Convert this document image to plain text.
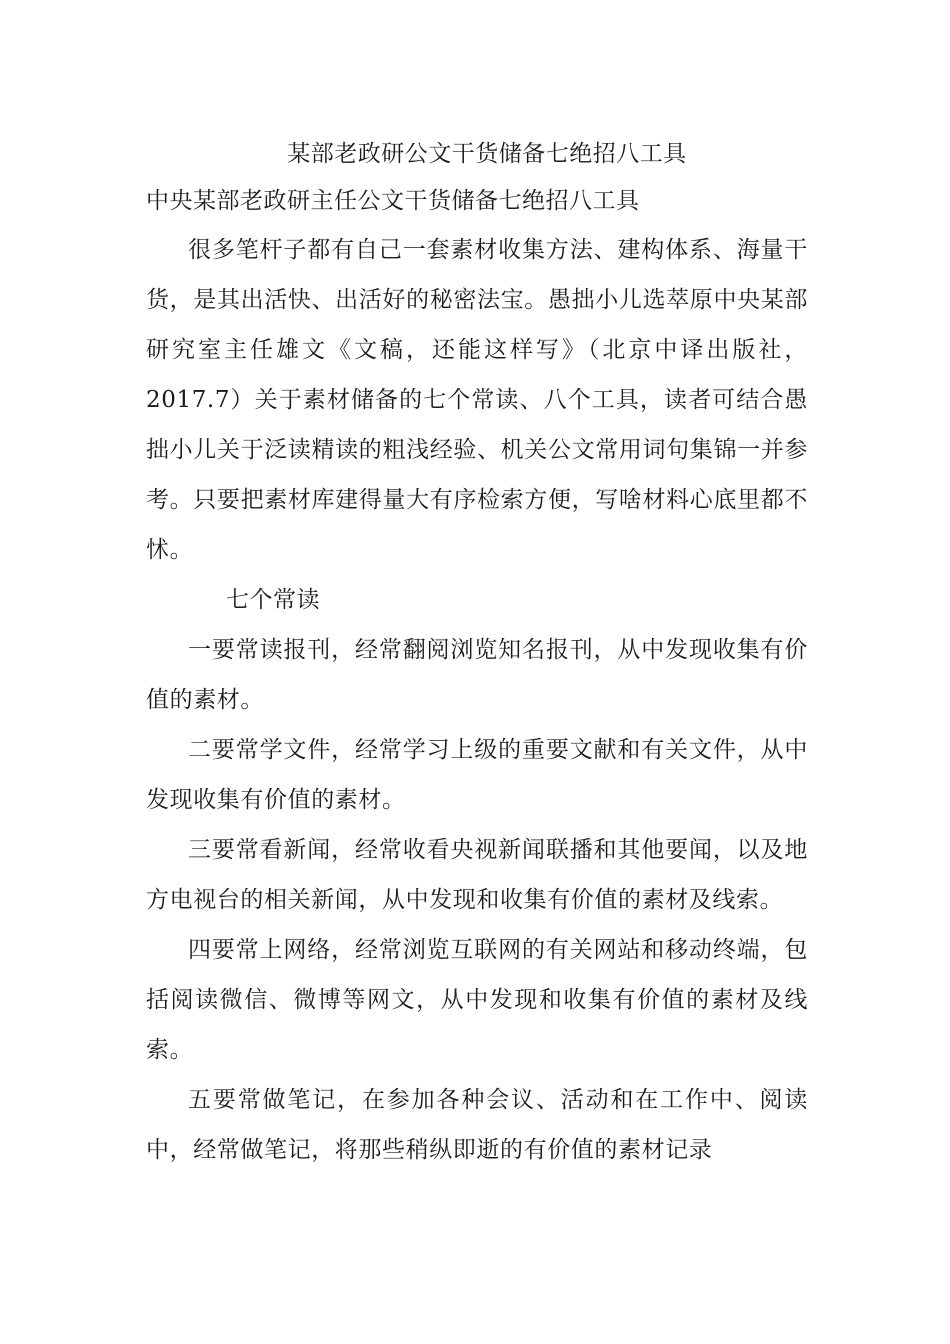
某部老政研公文干货储备七绝招八工具

中央某部老政研主任公文干货储备七绝招八工具

很多笔杆子都有自己一套素材收集方法、建构体系、海量干货，是其出活快、出活好的秘密法宝。愚拙小儿选萃原中央某部研究室主任雄文《文稿，还能这样写》（北京中译出版社，2017.7）关于素材储备的七个常读、八个工具，读者可结合愚拙小儿关于泛读精读的粗浅经验、机关公文常用词句集锦一并参考。只要把素材库建得量大有序检索方便，写啥材料心底里都不怵。

七个常读

一要常读报刊，经常翻阅浏览知名报刊，从中发现收集有价值的素材。

二要常学文件，经常学习上级的重要文献和有关文件，从中发现收集有价值的素材。

三要常看新闻，经常收看央视新闻联播和其他要闻，以及地方电视台的相关新闻，从中发现和收集有价值的素材及线索。

四要常上网络，经常浏览互联网的有关网站和移动终端，包括阅读微信、微博等网文，从中发现和收集有价值的素材及线索。

五要常做笔记，在参加各种会议、活动和在工作中、阅读中，经常做笔记，将那些稍纵即逝的有价值的素材记录
